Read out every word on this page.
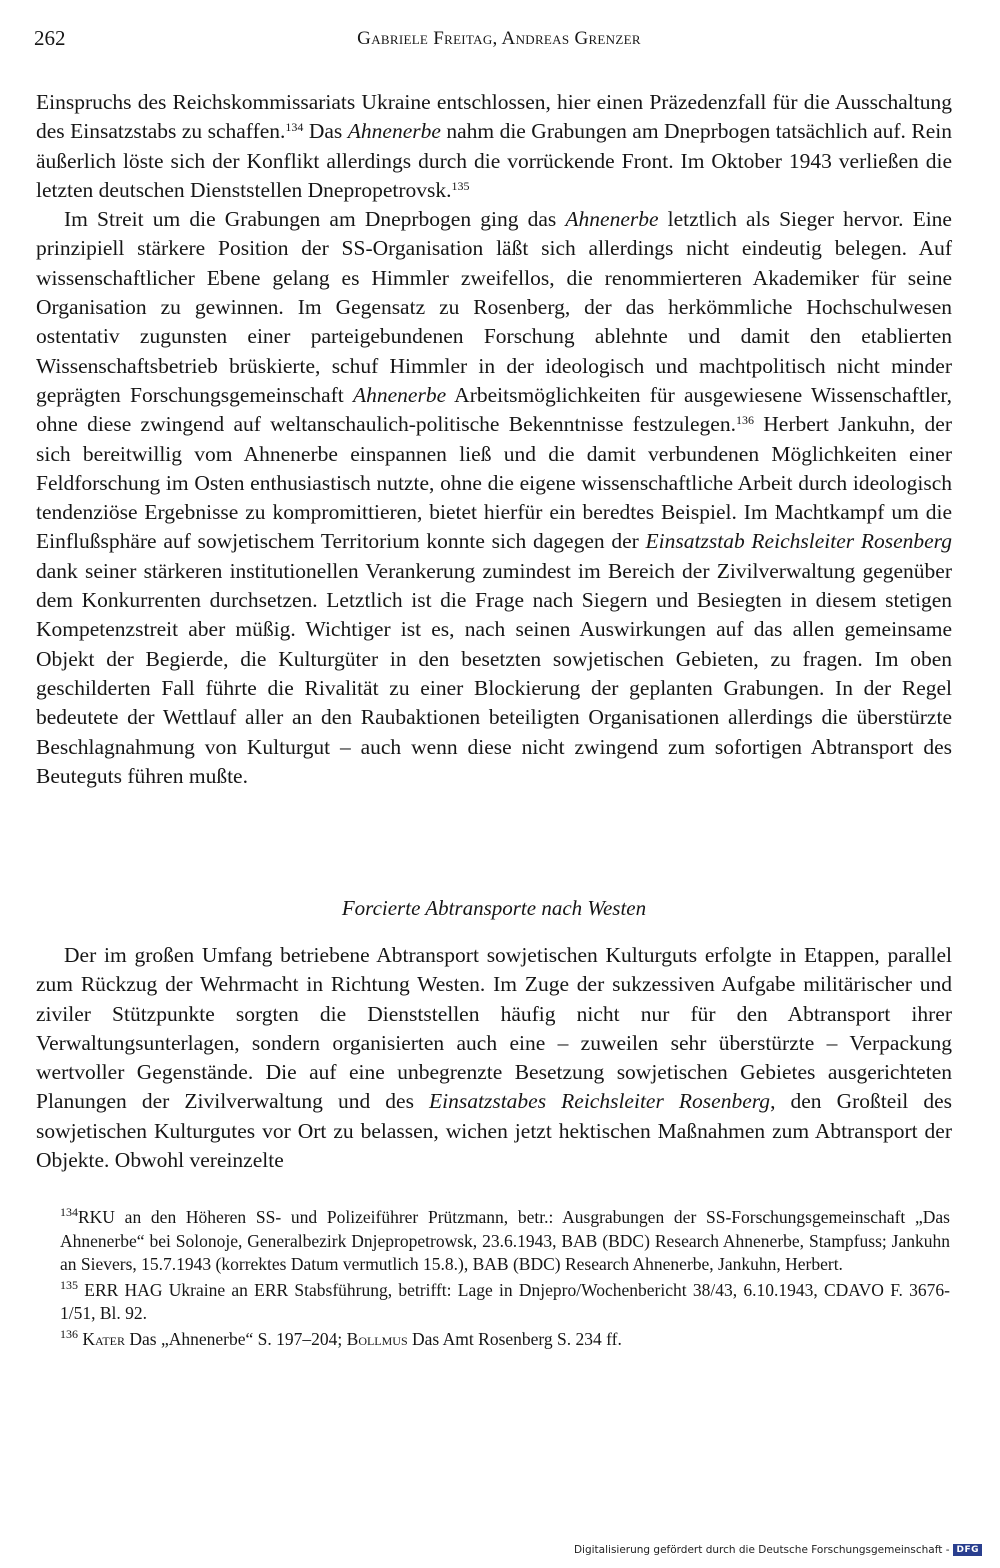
262	Gabriele Freitag, Andreas Grenzer

Einspruchs des Reichskommissariats Ukraine entschlossen, hier einen Präzedenzfall für die Ausschaltung des Einsatzstabs zu schaffen.$^{134}$ Das Ahnenerbe nahm die Grabungen am Dneprbogen tatsächlich auf. Rein äußerlich löste sich der Konflikt allerdings durch die vorrückende Front. Im Oktober 1943 verließen die letzten deutschen Dienststellen Dnepropetrovsk.$^{135}$

Im Streit um die Grabungen am Dneprbogen ging das Ahnenerbe letztlich als Sieger hervor. Eine prinzipiell stärkere Position der SS-Organisation läßt sich allerdings nicht eindeutig belegen. Auf wissenschaftlicher Ebene gelang es Himmler zweifellos, die renommierteren Akademiker für seine Organisation zu gewinnen. Im Gegensatz zu Rosenberg, der das herkömmliche Hochschulwesen ostentativ zugunsten einer parteigebundenen Forschung ablehnte und damit den etablierten Wissenschaftsbetrieb brüskierte, schuf Himmler in der ideologisch und machtpolitisch nicht minder geprägten Forschungsgemeinschaft Ahnenerbe Arbeitsmöglichkeiten für ausgewiesene Wissenschaftler, ohne diese zwingend auf weltanschaulich-politische Bekenntnisse festzulegen.$^{136}$ Herbert Jankuhn, der sich bereitwillig vom Ahnenerbe einspannen ließ und die damit verbundenen Möglichkeiten einer Feldforschung im Osten enthusiastisch nutzte, ohne die eigene wissenschaftliche Arbeit durch ideologisch tendenziöse Ergebnisse zu kompromittieren, bietet hierfür ein beredtes Beispiel. Im Machtkampf um die Einflußsphäre auf sowjetischem Territorium konnte sich dagegen der Einsatzstab Reichsleiter Rosenberg dank seiner stärkeren institutionellen Verankerung zumindest im Bereich der Zivilverwaltung gegenüber dem Konkurrenten durchsetzen. Letztlich ist die Frage nach Siegern und Besiegten in diesem stetigen Kompetenzstreit aber müßig. Wichtiger ist es, nach seinen Auswirkungen auf das allen gemeinsame Objekt der Begierde, die Kulturgüter in den besetzten sowjetischen Gebieten, zu fragen. Im oben geschilderten Fall führte die Rivalität zu einer Blockierung der geplanten Grabungen. In der Regel bedeutete der Wettlauf aller an den Raubaktionen beteiligten Organisationen allerdings die überstürzte Beschlagnahmung von Kulturgut – auch wenn diese nicht zwingend zum sofortigen Abtransport des Beuteguts führen mußte.

Forcierte Abtransporte nach Westen

Der im großen Umfang betriebene Abtransport sowjetischen Kulturguts erfolgte in Etappen, parallel zum Rückzug der Wehrmacht in Richtung Westen. Im Zuge der sukzessiven Aufgabe militärischer und ziviler Stützpunkte sorgten die Dienststellen häufig nicht nur für den Abtransport ihrer Verwaltungsunterlagen, sondern organisierten auch eine – zuweilen sehr überstürzte – Verpackung wertvoller Gegenstände. Die auf eine unbegrenzte Besetzung sowjetischen Gebietes ausgerichteten Planungen der Zivilverwaltung und des Einsatzstabes Reichsleiter Rosenberg, den Großteil des sowjetischen Kulturgutes vor Ort zu belassen, wichen jetzt hektischen Maßnahmen zum Abtransport der Objekte. Obwohl vereinzelte

$^{134}$RKU an den Höheren SS- und Polizeiführer Prützmann, betr.: Ausgrabungen der SS-Forschungsgemeinschaft „Das Ahnenerbe“ bei Solonoje, Generalbezirk Dnjepropetrowsk, 23.6.1943, BAB (BDC) Research Ahnenerbe, Stampfuss; Jankuhn an Sievers, 15.7.1943 (korrektes Datum vermutlich 15.8.), BAB (BDC) Research Ahnenerbe, Jankuhn, Herbert.

$^{135}$ ERR HAG Ukraine an ERR Stabsführung, betrifft: Lage in Dnjepro/Wochenbericht 38/43, 6.10.1943, CDAVO F. 3676-1/51, Bl. 92.

$^{136}$ Kater Das „Ahnenerbe“ S. 197–204; Bollmus Das Amt Rosenberg S. 234 ff.

Digitalisierung gefördert durch die Deutsche Forschungsgemeinschaft - DFG
